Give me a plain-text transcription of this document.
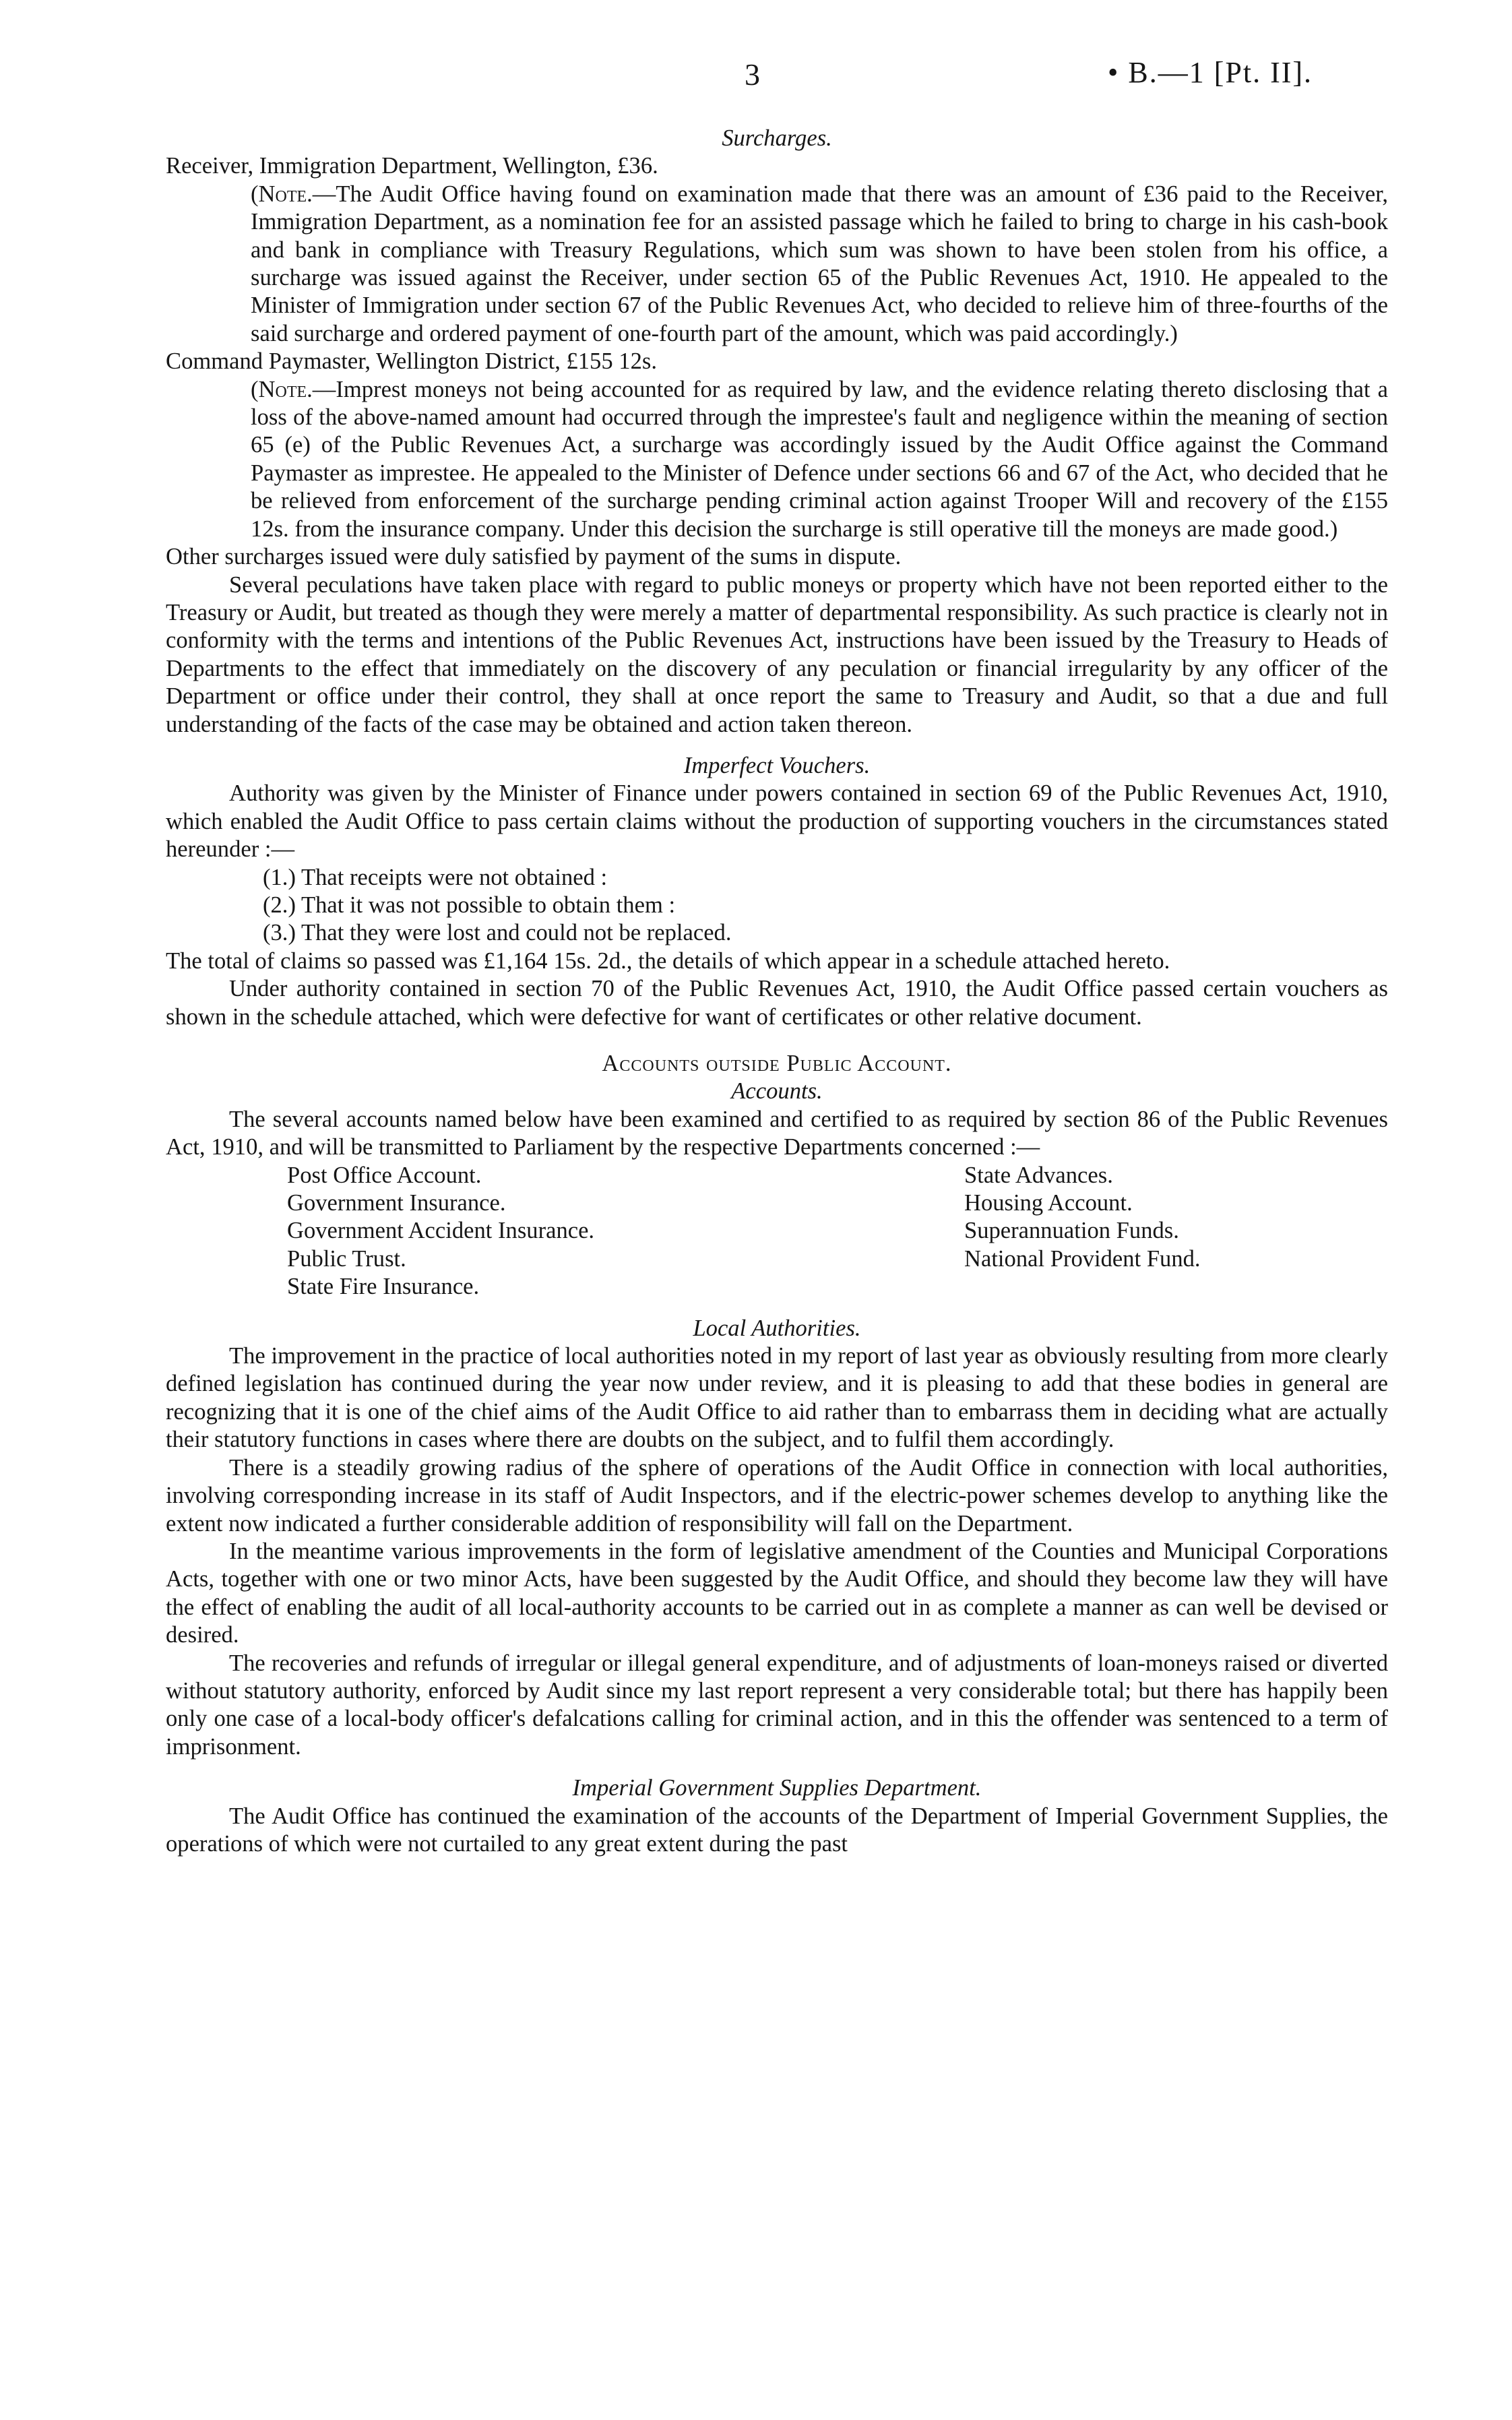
3	• B.—1 [Pt. II].

Surcharges.

Receiver, Immigration Department, Wellington, £36.

(Note.—The Audit Office having found on examination made that there was an amount of £36 paid to the Receiver, Immigration Department, as a nomination fee for an assisted passage which he failed to bring to charge in his cash-book and bank in compliance with Treasury Regulations, which sum was shown to have been stolen from his office, a surcharge was issued against the Receiver, under section 65 of the Public Revenues Act, 1910. He appealed to the Minister of Immigration under section 67 of the Public Revenues Act, who decided to relieve him of three-fourths of the said surcharge and ordered payment of one-fourth part of the amount, which was paid accordingly.)

Command Paymaster, Wellington District, £155 12s.

(Note.—Imprest moneys not being accounted for as required by law, and the evidence relating thereto disclosing that a loss of the above-named amount had occurred through the imprestee's fault and negligence within the meaning of section 65 (e) of the Public Revenues Act, a surcharge was accordingly issued by the Audit Office against the Command Paymaster as imprestee. He appealed to the Minister of Defence under sections 66 and 67 of the Act, who decided that he be relieved from enforcement of the surcharge pending criminal action against Trooper Will and recovery of the £155 12s. from the insurance company. Under this decision the surcharge is still operative till the moneys are made good.)

Other surcharges issued were duly satisfied by payment of the sums in dispute.

Several peculations have taken place with regard to public moneys or property which have not been reported either to the Treasury or Audit, but treated as though they were merely a matter of departmental responsibility. As such practice is clearly not in conformity with the terms and intentions of the Public Revenues Act, instructions have been issued by the Treasury to Heads of Departments to the effect that immediately on the discovery of any peculation or financial irregularity by any officer of the Department or office under their control, they shall at once report the same to Treasury and Audit, so that a due and full understanding of the facts of the case may be obtained and action taken thereon.

Imperfect Vouchers.

Authority was given by the Minister of Finance under powers contained in section 69 of the Public Revenues Act, 1910, which enabled the Audit Office to pass certain claims without the production of supporting vouchers in the circumstances stated hereunder :—

(1.) That receipts were not obtained :

(2.) That it was not possible to obtain them :

(3.) That they were lost and could not be replaced.

The total of claims so passed was £1,164 15s. 2d., the details of which appear in a schedule attached hereto.

Under authority contained in section 70 of the Public Revenues Act, 1910, the Audit Office passed certain vouchers as shown in the schedule attached, which were defective for want of certificates or other relative document.

Accounts outside Public Account.

Accounts.

The several accounts named below have been examined and certified to as required by section 86 of the Public Revenues Act, 1910, and will be transmitted to Parliament by the respective Departments concerned :—

Post Office Account.
Government Insurance.
Government Accident Insurance.
Public Trust.
State Fire Insurance.
State Advances.
Housing Account.
Superannuation Funds.
National Provident Fund.

Local Authorities.

The improvement in the practice of local authorities noted in my report of last year as obviously resulting from more clearly defined legislation has continued during the year now under review, and it is pleasing to add that these bodies in general are recognizing that it is one of the chief aims of the Audit Office to aid rather than to embarrass them in deciding what are actually their statutory functions in cases where there are doubts on the subject, and to fulfil them accordingly.

There is a steadily growing radius of the sphere of operations of the Audit Office in connection with local authorities, involving corresponding increase in its staff of Audit Inspectors, and if the electric-power schemes develop to anything like the extent now indicated a further considerable addition of responsibility will fall on the Department.

In the meantime various improvements in the form of legislative amendment of the Counties and Municipal Corporations Acts, together with one or two minor Acts, have been suggested by the Audit Office, and should they become law they will have the effect of enabling the audit of all local-authority accounts to be carried out in as complete a manner as can well be devised or desired.

The recoveries and refunds of irregular or illegal general expenditure, and of adjustments of loan-moneys raised or diverted without statutory authority, enforced by Audit since my last report represent a very considerable total; but there has happily been only one case of a local-body officer's defalcations calling for criminal action, and in this the offender was sentenced to a term of imprisonment.

Imperial Government Supplies Department.

The Audit Office has continued the examination of the accounts of the Department of Imperial Government Supplies, the operations of which were not curtailed to any great extent during the past
